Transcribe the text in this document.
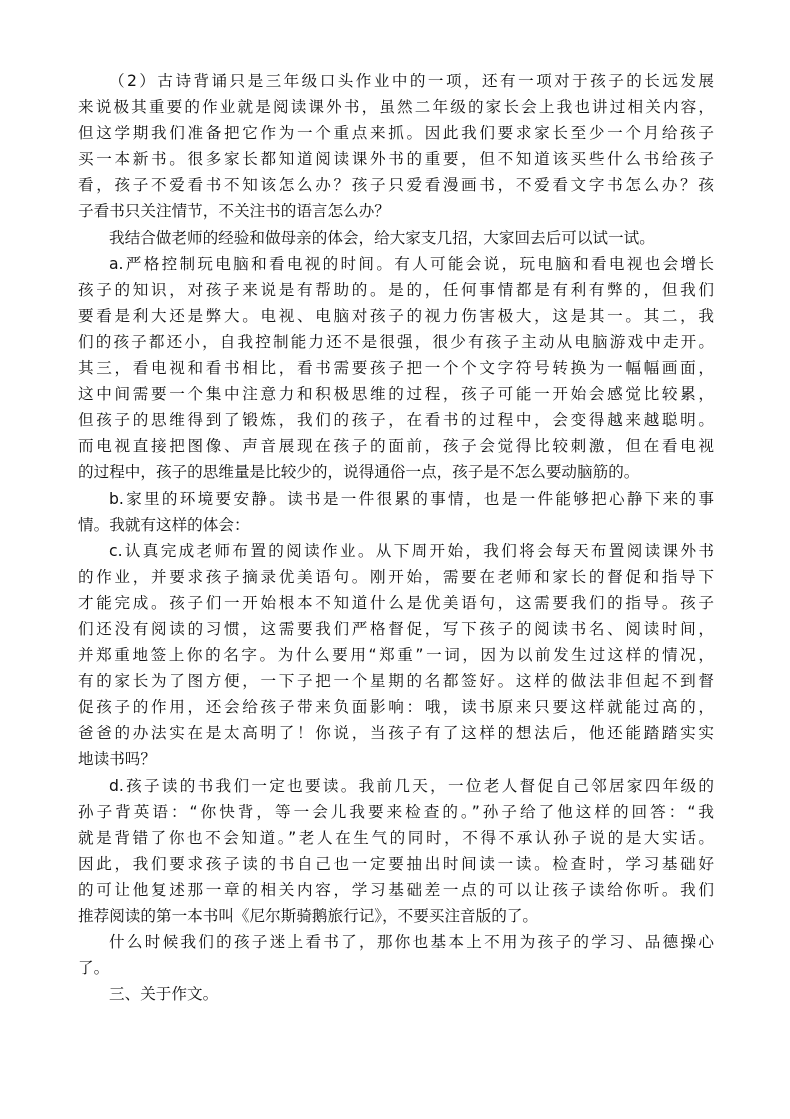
（2）古诗背诵只是三年级口头作业中的一项，还有一项对于孩子的长远发展
来说极其重要的作业就是阅读课外书，虽然二年级的家长会上我也讲过相关内容，
但这学期我们准备把它作为一个重点来抓。因此我们要求家长至少一个月给孩子
买一本新书。很多家长都知道阅读课外书的重要，但不知道该买些什么书给孩子
看，孩子不爱看书不知该怎么办？孩子只爱看漫画书，不爱看文字书怎么办？孩
子看书只关注情节，不关注书的语言怎么办？
我结合做老师的经验和做母亲的体会，给大家支几招，大家回去后可以试一试。
a.严格控制玩电脑和看电视的时间。有人可能会说，玩电脑和看电视也会增长
孩子的知识，对孩子来说是有帮助的。是的，任何事情都是有利有弊的，但我们
要看是利大还是弊大。电视、电脑对孩子的视力伤害极大，这是其一。其二，我
们的孩子都还小，自我控制能力还不是很强，很少有孩子主动从电脑游戏中走开。
其三，看电视和看书相比，看书需要孩子把一个个文字符号转换为一幅幅画面，
这中间需要一个集中注意力和积极思维的过程，孩子可能一开始会感觉比较累，
但孩子的思维得到了锻炼，我们的孩子，在看书的过程中，会变得越来越聪明。
而电视直接把图像、声音展现在孩子的面前，孩子会觉得比较刺激，但在看电视
的过程中，孩子的思维量是比较少的，说得通俗一点，孩子是不怎么要动脑筋的。
b.家里的环境要安静。读书是一件很累的事情，也是一件能够把心静下来的事
情。我就有这样的体会：
c.认真完成老师布置的阅读作业。从下周开始，我们将会每天布置阅读课外书
的作业，并要求孩子摘录优美语句。刚开始，需要在老师和家长的督促和指导下
才能完成。孩子们一开始根本不知道什么是优美语句，这需要我们的指导。孩子
们还没有阅读的习惯，这需要我们严格督促，写下孩子的阅读书名、阅读时间，
并郑重地签上你的名字。为什么要用“郑重”一词，因为以前发生过这样的情况，
有的家长为了图方便，一下子把一个星期的名都签好。这样的做法非但起不到督
促孩子的作用，还会给孩子带来负面影响：哦，读书原来只要这样就能过高的，
爸爸的办法实在是太高明了！你说，当孩子有了这样的想法后，他还能踏踏实实
地读书吗？
d.孩子读的书我们一定也要读。我前几天，一位老人督促自己邻居家四年级的
孙子背英语：“你快背，等一会儿我要来检查的。”孙子给了他这样的回答：“我
就是背错了你也不会知道。”老人在生气的同时，不得不承认孙子说的是大实话。
因此，我们要求孩子读的书自己也一定要抽出时间读一读。检查时，学习基础好
的可让他复述那一章的相关内容，学习基础差一点的可以让孩子读给你听。我们
推荐阅读的第一本书叫《尼尔斯骑鹅旅行记》，不要买注音版的了。
什么时候我们的孩子迷上看书了，那你也基本上不用为孩子的学习、品德操心
了。
三、关于作文。
